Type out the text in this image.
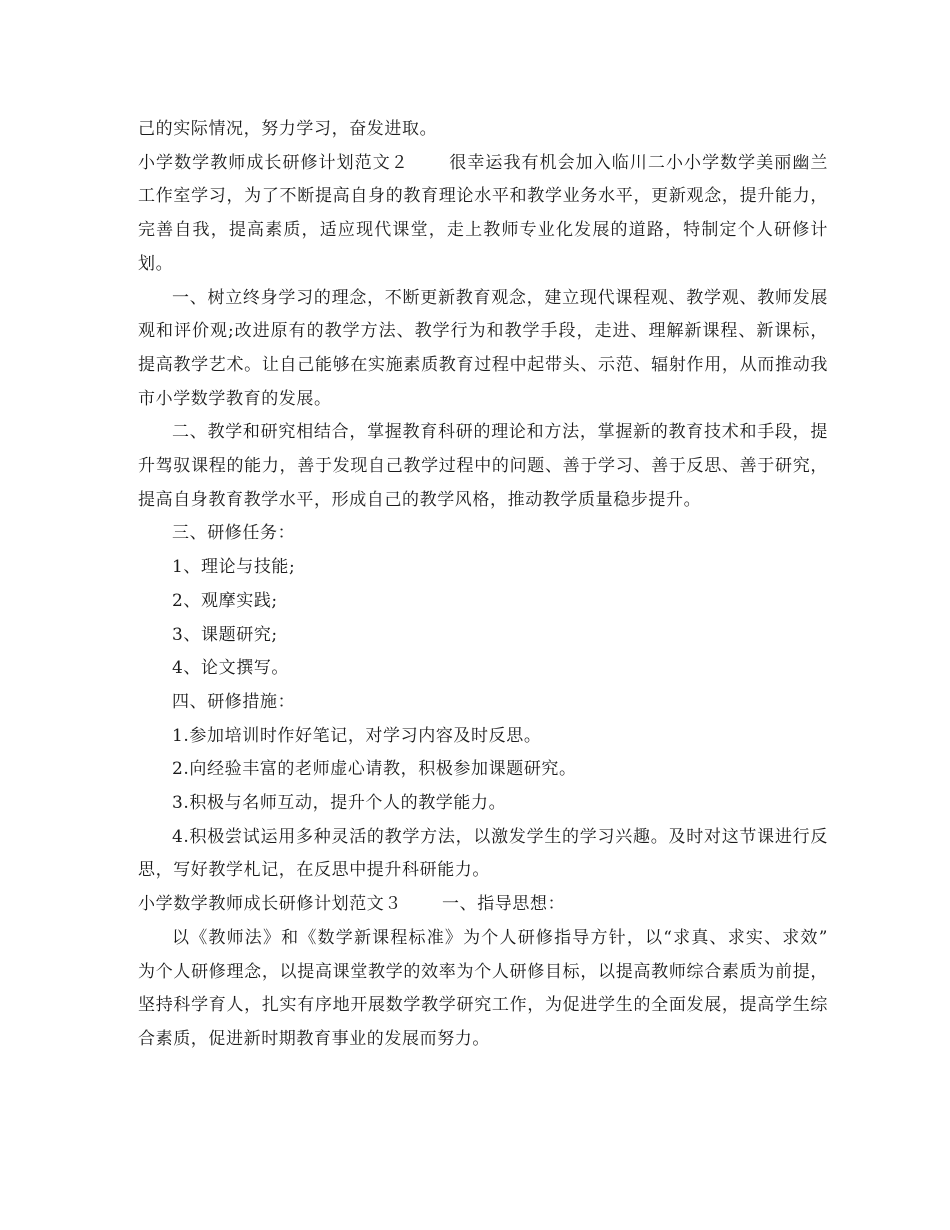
己的实际情况，努力学习，奋发进取。

小学数学教师成长研修计划范文２ 很幸运我有机会加入临川二小小学数学美丽幽兰工作室学习，为了不断提高自身的教育理论水平和教学业务水平，更新观念，提升能力，完善自我，提高素质，适应现代课堂，走上教师专业化发展的道路，特制定个人研修计划。

一、树立终身学习的理念，不断更新教育观念，建立现代课程观、教学观、教师发展观和评价观;改进原有的教学方法、教学行为和教学手段，走进、理解新课程、新课标，提高教学艺术。让自己能够在实施素质教育过程中起带头、示范、辐射作用，从而推动我市小学数学教育的发展。

二、教学和研究相结合，掌握教育科研的理论和方法，掌握新的教育技术和手段，提升驾驭课程的能力，善于发现自己教学过程中的问题、善于学习、善于反思、善于研究，提高自身教育教学水平，形成自己的教学风格，推动教学质量稳步提升。

三、研修任务：

1、理论与技能;

2、观摩实践;

3、课题研究;

4、论文撰写。

四、研修措施：

1.参加培训时作好笔记，对学习内容及时反思。

2.向经验丰富的老师虚心请教，积极参加课题研究。

3.积极与名师互动，提升个人的教学能力。

4.积极尝试运用多种灵活的教学方法，以激发学生的学习兴趣。及时对这节课进行反思，写好教学札记，在反思中提升科研能力。

小学数学教师成长研修计划范文３ 一、指导思想：

以《教师法》和《数学新课程标准》为个人研修指导方针，以“求真、求实、求效”　为个人研修理念，以提高课堂教学的效率为个人研修目标，以提高教师综合素质为前提，坚持科学育人，扎实有序地开展数学教学研究工作，为促进学生的全面发展，提高学生综合素质，促进新时期教育事业的发展而努力。
